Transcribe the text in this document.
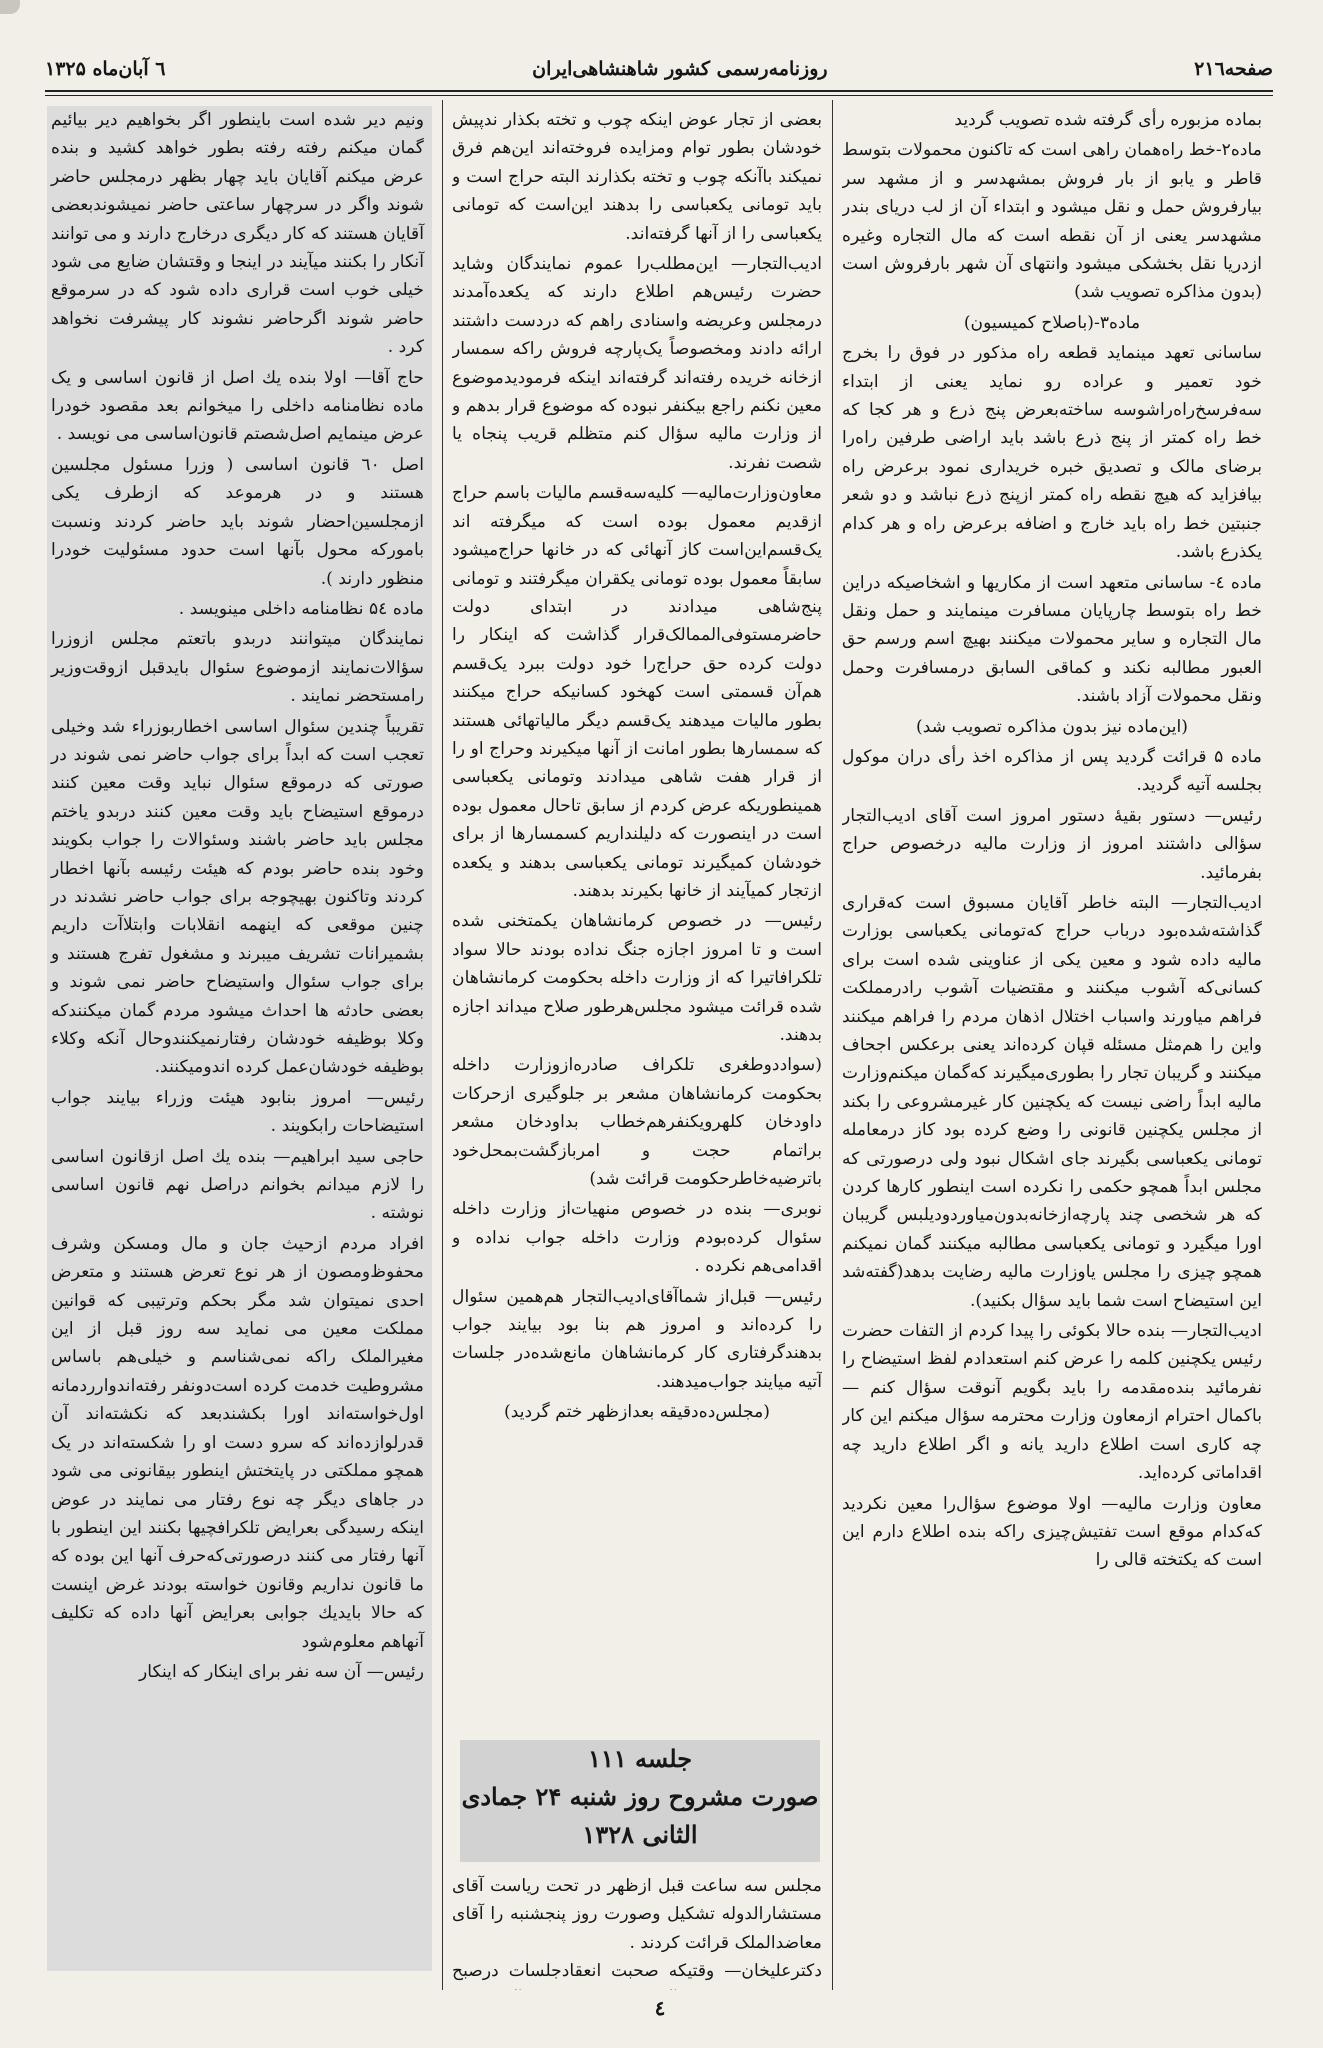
صفحه۲۱٦
روزنامه‌رسمی کشور شاهنشاهی‌ایران
٦ آبان‌ماه ۱۳۲۵

بماده مزبوره رأی گرفته شده تصویب گردید

ماده۲-خط راه‌همان راهی است که تاکنون محمولات بتوسط قاطر و یابو از بار فروش بمشهدسر و از مشهد سر بیارفروش حمل و نقل میشود و ابتداء آن از لب دریای بندر مشهدسر یعنی از آن نقطه است که مال التجاره وغیره ازدریا نقل بخشکی میشود وانتهای آن شهر بارفروش است (بدون مذاکره تصویب شد)

ماده۳-(باصلاح کمیسیون)

ساسانی تعهد مینماید قطعه راه مذکور در فوق را بخرج خود تعمیر و عراده رو نماید یعنی از ابتداء سه‌فرسخ‌راه‌راشوسه ساخته‌بعرض پنج ذرع و هر کجا که خط راه کمتر از پنج ذرع باشد باید اراضی طرفین راه‌را برضای مالک و تصدیق خبره خریداری نمود برعرض راه بیافزاید که هیچ نقطه راه کمتر ازپنج ذرع نباشد و دو شعر جنبتین خط راه باید خارج و اضافه برعرض راه و هر کدام یکذرع باشد.

ماده ٤- ساسانی متعهد است از مکاریها و اشخاصیکه دراین خط راه بتوسط چارپایان مسافرت مینمایند و حمل ونقل مال التجاره و سایر محمولات میکنند بهیچ اسم ورسم حق العبور مطالبه نکند و کماقی السابق درمسافرت وحمل ونقل محمولات آزاد باشند.

(این‌ماده نیز بدون مذاکره تصویب شد)

ماده ۵ قرائت گردید پس از مذاکره اخذ رأی دران موکول بجلسه آتیه گردید.

رئیس— دستور بقیهٔ دستور امروز است آقای ادیب‌التجار سؤالی داشتند امروز از وزارت مالیه درخصوص حراج بفرمائید.

ادیب‌التجار— البته خاطر آقایان مسبوق است که‌قراری گذاشته‌شده‌بود درباب حراج که‌تومانی یکعباسی بوزارت مالیه داده شود و معین یکی از عناوینی شده است برای کسانی‌که آشوب میکنند و مقتضیات آشوب رادرمملکت فراهم میاورند واسباب اختلال اذهان مردم را فراهم میکنند واین را هم‌مثل مسئله قپان کرده‌اند یعنی برعکس اجحاف میکنند و گریبان تجار را بطوری‌میگیرند که‌گمان میکنم‌وزارت مالیه ابداً راضی نیست که یکچنین کار غیرمشروعی را بکند از مجلس یکچنین قانونی را وضع کرده بود کاز درمعامله تومانی یکعباسی بگیرند جای اشکال نبود ولی درصورتی که مجلس ابداً همچو حکمی را نکرده است اینطور کارها کردن که هر شخصی چند پارچه‌ازخانه‌بدون‌میاورد‌ودیلبس گریبان اورا میگیرد و تومانی یکعباسی مطالبه میکنند گمان نمیکنم همچو چیزی را مجلس یاوزارت مالیه رضایت بدهد(گفته‌شد این استیضاح است شما باید سؤال بکنید).

ادیب‌التجار— بنده حالا بکوئی را پیدا کردم از التفات حضرت رئیس یکچنین کلمه را عرض کنم استعدادم لفظ استیضاح را نفرمائید بنده‌مقدمه را باید بگویم آنوقت سؤال کنم — باکمال احترام ازمعاون وزارت محترمه سؤال میکنم این کار چه کاری است اطلاع دارید یانه و اگر اطلاع دارید چه اقداماتی کرده‌اید.

معاون وزارت مالیه— اولا موضوع سؤال‌را معین نکردید که‌کدام موقع است تفتیش‌چیزی راکه بنده اطلاع دارم این است که یکتخته قالی را

بعضی از تجار عوض اینکه چوب و تخته بکذار ندپیش خودشان بطور توام ومزایده فروخته‌اند این‌هم فرق نمیکند باآنکه چوب و تخته بکذارند البته حراج است و باید تومانی یکعباسی را بدهند این‌است که تومانی یکعباسی را از آنها گرفته‌اند.

ادیب‌التجار— این‌مطلب‌را عموم نمایندگان وشاید حضرت رئیس‌هم اطلاع دارند که یکعده‌آمدند درمجلس وعریضه واسنادی راهم که دردست داشتند ارائه دادند ومخصوصاً یک‌پارچه فروش راکه سمسار ازخانه خریده رفته‌اند گرفته‌اند اینکه فرمودید‌موضوع معین نکنم راجع بیکنفر نبوده که موضوع قرار بدهم و از وزارت مالیه سؤال کنم متظلم قریب پنجاه یا شصت نفرند.

معاون‌وزارت‌مالیه— کلیه‌سه‌قسم مالیات باسم حراج ازقدیم معمول بوده است که میگرفته اند یک‌قسم‌این‌است کاز آنهائی که در خانها حراج‌میشود سابقاً معمول بوده تومانی یکقران میگرفتند و تومانی پنج‌شاهی میدادند در ابتدای دولت حاضر‌مستوفی‌الممالک‌قرار گذاشت که اینکار را دولت کرده حق حراج‌را خود دولت ببرد یک‌قسم هم‌آن قسمتی است کهخود کسانیکه حراج میکنند بطور مالیات میدهند یک‌قسم دیگر مالیاتهائی هستند که سمسارها بطور امانت از آنها میکیرند وحراج او را از قرار هفت شاهی میدادند وتومانی یکعباسی همینطوریکه عرض کردم از سابق تاحال معمول بوده است در اینصورت که دلیلنداریم کسمسارها از برای خودشان کمیگیرند تومانی یکعباسی بدهند و یکعده ازتجار کمیآیند از خانها بکیرند بدهند.

رئیس— در خصوص کرمانشاهان یکمتخنی شده است و تا امروز اجازه جنگ نداده بودند حالا سواد تلکرافاتیرا که از وزارت داخله بحکومت کرمانشاهان شده قرائت میشود مجلس‌هرطور صلاح میداند اجازه بدهند.

(سواددوطغری تلکراف صادره‌ازوزارت داخله بحکومت کرمانشاهان مشعر بر جلوگیری ازحرکات داودخان کلهر‌ویکنفرهم‌خطاب بداودخان مشعر براتمام حجت و امربازگشت‌بمحل‌خود باترضیه‌خاطرحکومت قرائت شد)

نوبری— بنده در خصوص منهیات‌از وزارت داخله سئوال کرده‌بودم وزارت داخله جواب نداده و اقدامی‌هم نکرده .

رئیس— قبل‌از شما‌آقای‌ادیب‌التجار هم‌همین سئوال را کرده‌اند و امروز هم بنا بود بیایند جواب بدهند‌گرفتاری کار کرمانشاهان مانع‌شده‌در جلسات آتیه میایند جواب‌میدهند.

(مجلس‌ده‌دقیقه بعدازظهر ختم گردید)

جلسه ۱۱۱
صورت مشروح روز شنبه ۲۴ جمادی
الثانی ۱۳۲۸

مجلس سه ساعت قبل ازظهر در تحت ریاست آقای مستشارالدوله تشکیل وصورت روز پنجشنبه را آقای معاضدالملک قرائت کردند .

دکترعلیخان— وقتیکه صحبت انعقادجلسات درصبح

ونیم دیر شده است باینطور اگر بخواهیم دیر بیائیم گمان میکنم رفته رفته بطور خواهد کشید و بنده عرض میکنم آقایان باید چهار بظهر درمجلس حاضر شوند واگر در سرچهار ساعتی حاضر نمیشوند‌بعضی آقایان هستند که کار دیگری در‌خارج دارند و می توانند آنکار را بکنند میآیند در اینجا و وقتشان ضایع می شود خیلی خوب است قراری داده شود که در سرموقع حاضر شوند اگرحاضر نشوند کار پیشرفت نخواهد کرد .

حاج آقا— اولا بنده یك اصل از قانون اساسی و یک ماده نظامنامه داخلی را میخوانم بعد مقصود خودرا عرض مینمایم اصل‌شصتم قانون‌اساسی می نویسد .

اصل ٦۰ قانون اساسی ( وزرا مسئول مجلسین هستند و در هرموعد که ازطرف یکی ازمجلسین‌احضار شوند باید حاضر کردند ونسبت بامورکه محول بآنها است حدود مسئولیت خودرا منظور دارند ).

ماده ۵٤ نظامنامه داخلی مینویسد .

نمایندگان میتوانند دربدو باتعتم مجلس ازوزرا سؤالات‌نمایند ازموضوع سئوال بایدقبل ازوقت‌وزیر رامستحضر نمایند .

تقریباً چندین سئوال اساسی اخطاربوزراء شد وخیلی تعجب است که ابداً برای جواب حاضر نمی شوند در صورتی که درموقع سئوال نباید وقت معین کنند درموقع استیضاح باید وقت معین کنند دربدو یاختم مجلس باید حاضر باشند وسئوالات را جواب بکویند وخود بنده حاضر بودم که هیئت رئیسه بآنها اخطار کردند وتاکنون بهیچوجه برای جواب حاضر نشدند در چنین موقعی که اینهمه انقلابات وابتلاآت داریم بشمیرانات تشریف میبرند و مشغول تفرج هستند و برای جواب سئوال واستیضاح حاضر نمی شوند و بعضی حادثه ها احداث میشود مردم گمان میکنند‌که وکلا بوظیفه خودشان رفتارنمیکنندوحال آنکه وکلاء بوظیفه خودشان‌عمل کرده اندومیکنند.

رئیس— امروز بنابود هیئت وزراء بیایند جواب استیضاحات رابکویند .

حاجی سید ابراهیم— بنده یك اصل ازقانون اساسی را لازم میدانم بخوانم دراصل نهم قانون اساسی نوشته .

افراد مردم ازحیث جان و مال ومسکن وشرف محفوظ‌ومصون از هر نوع تعرض هستند و متعرض احدی نمیتوان شد مگر بحکم وترتیبی که قوانین مملکت معین می نماید سه روز قبل از این مغیرالملک راکه نمی‌شناسم و خیلی‌هم باساس مشروطیت خدمت کرده است‌دونفر رفته‌اندوارردمانه اول‌خواسته‌اند اورا بکشندبعد که نکشته‌اند آن قدرلواز‌ده‌اند که سرو دست او را شکسته‌اند در یک همچو مملکتی در پایتختش اینطور بیقانونی می شود در جاهای دیگر چه نوع رفتار می نمایند در عوض اینکه رسیدگی بعرایض تلکرافچیها بکنند این اینطور با آنها رفتار می کنند درصورتی‌که‌حرف آنها این بوده که ما قانون نداریم وقانون خواسته بودند غرض اینست که حالا بایدیك جوابی بعرایض آنها داده که تکلیف آنهاهم معلوم‌شود

رئیس— آن سه نفر برای اینکار که اینکار

٤
